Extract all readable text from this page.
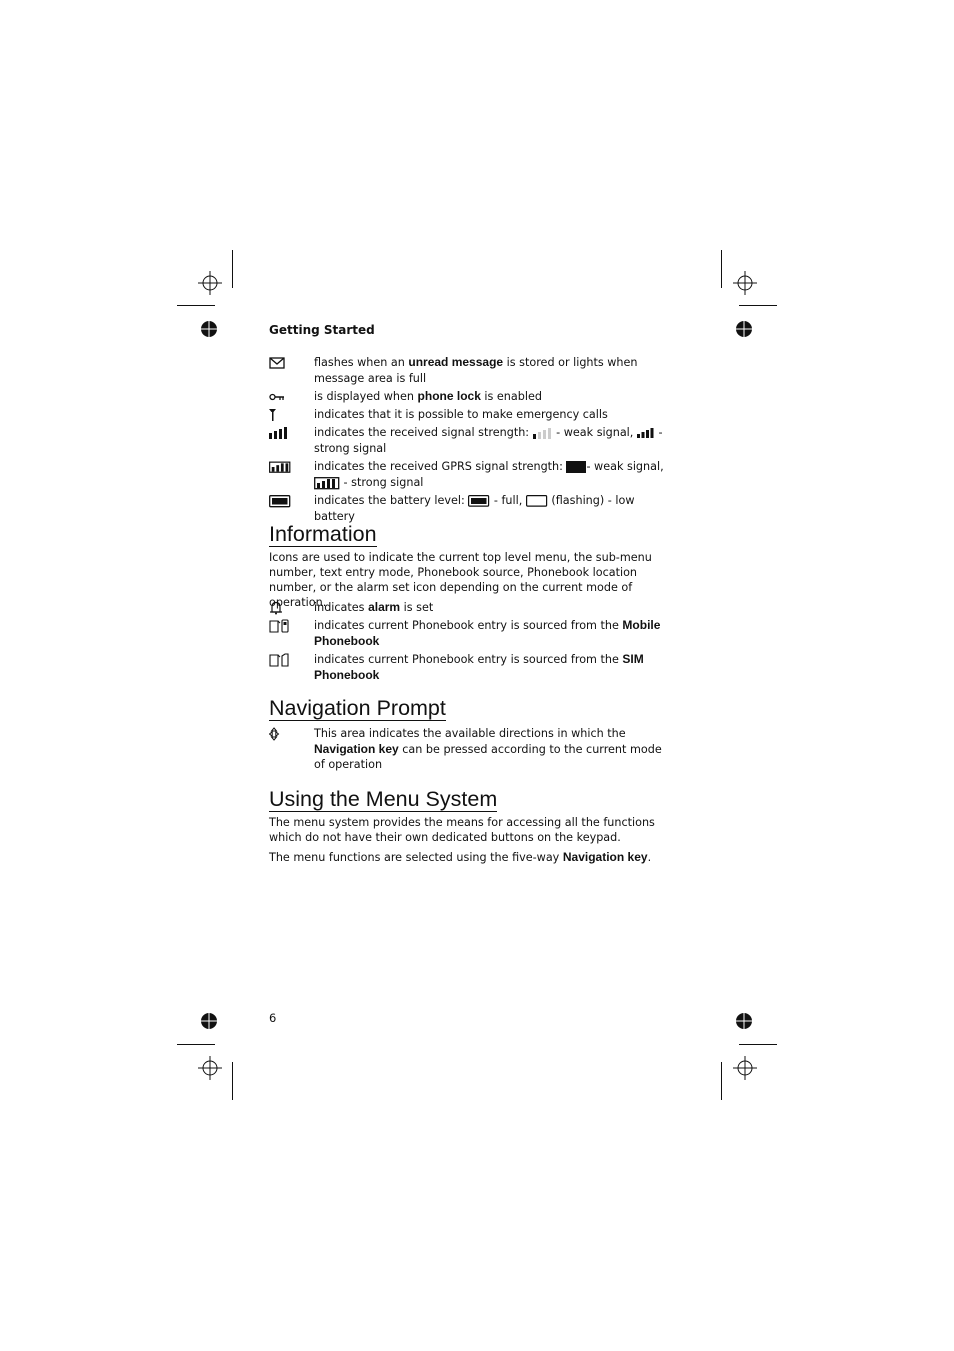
Getting Started
flashes when an unread message is stored or lights when message area is full
is displayed when phone lock is enabled
indicates that it is possible to make emergency calls
indicates the received signal strength:  - weak signal,  - strong signal
indicates the received GPRS signal strength: - weak signal,
- strong signal
indicates the battery level:  - full,  (flashing) - low battery
Information
Icons are used to indicate the current top level menu, the sub-menu number, text entry mode, Phonebook source, Phonebook location number, or the alarm set icon depending on the current mode of operation.
indicates alarm is set
indicates current Phonebook entry is sourced from the Mobile Phonebook
indicates current Phonebook entry is sourced from the SIM Phonebook
Navigation Prompt
This area indicates the available directions in which the Navigation key can be pressed according to the current mode of operation
Using the Menu System
The menu system provides the means for accessing all the functions which do not have their own dedicated buttons on the keypad.
The menu functions are selected using the five-way Navigation key.
6
